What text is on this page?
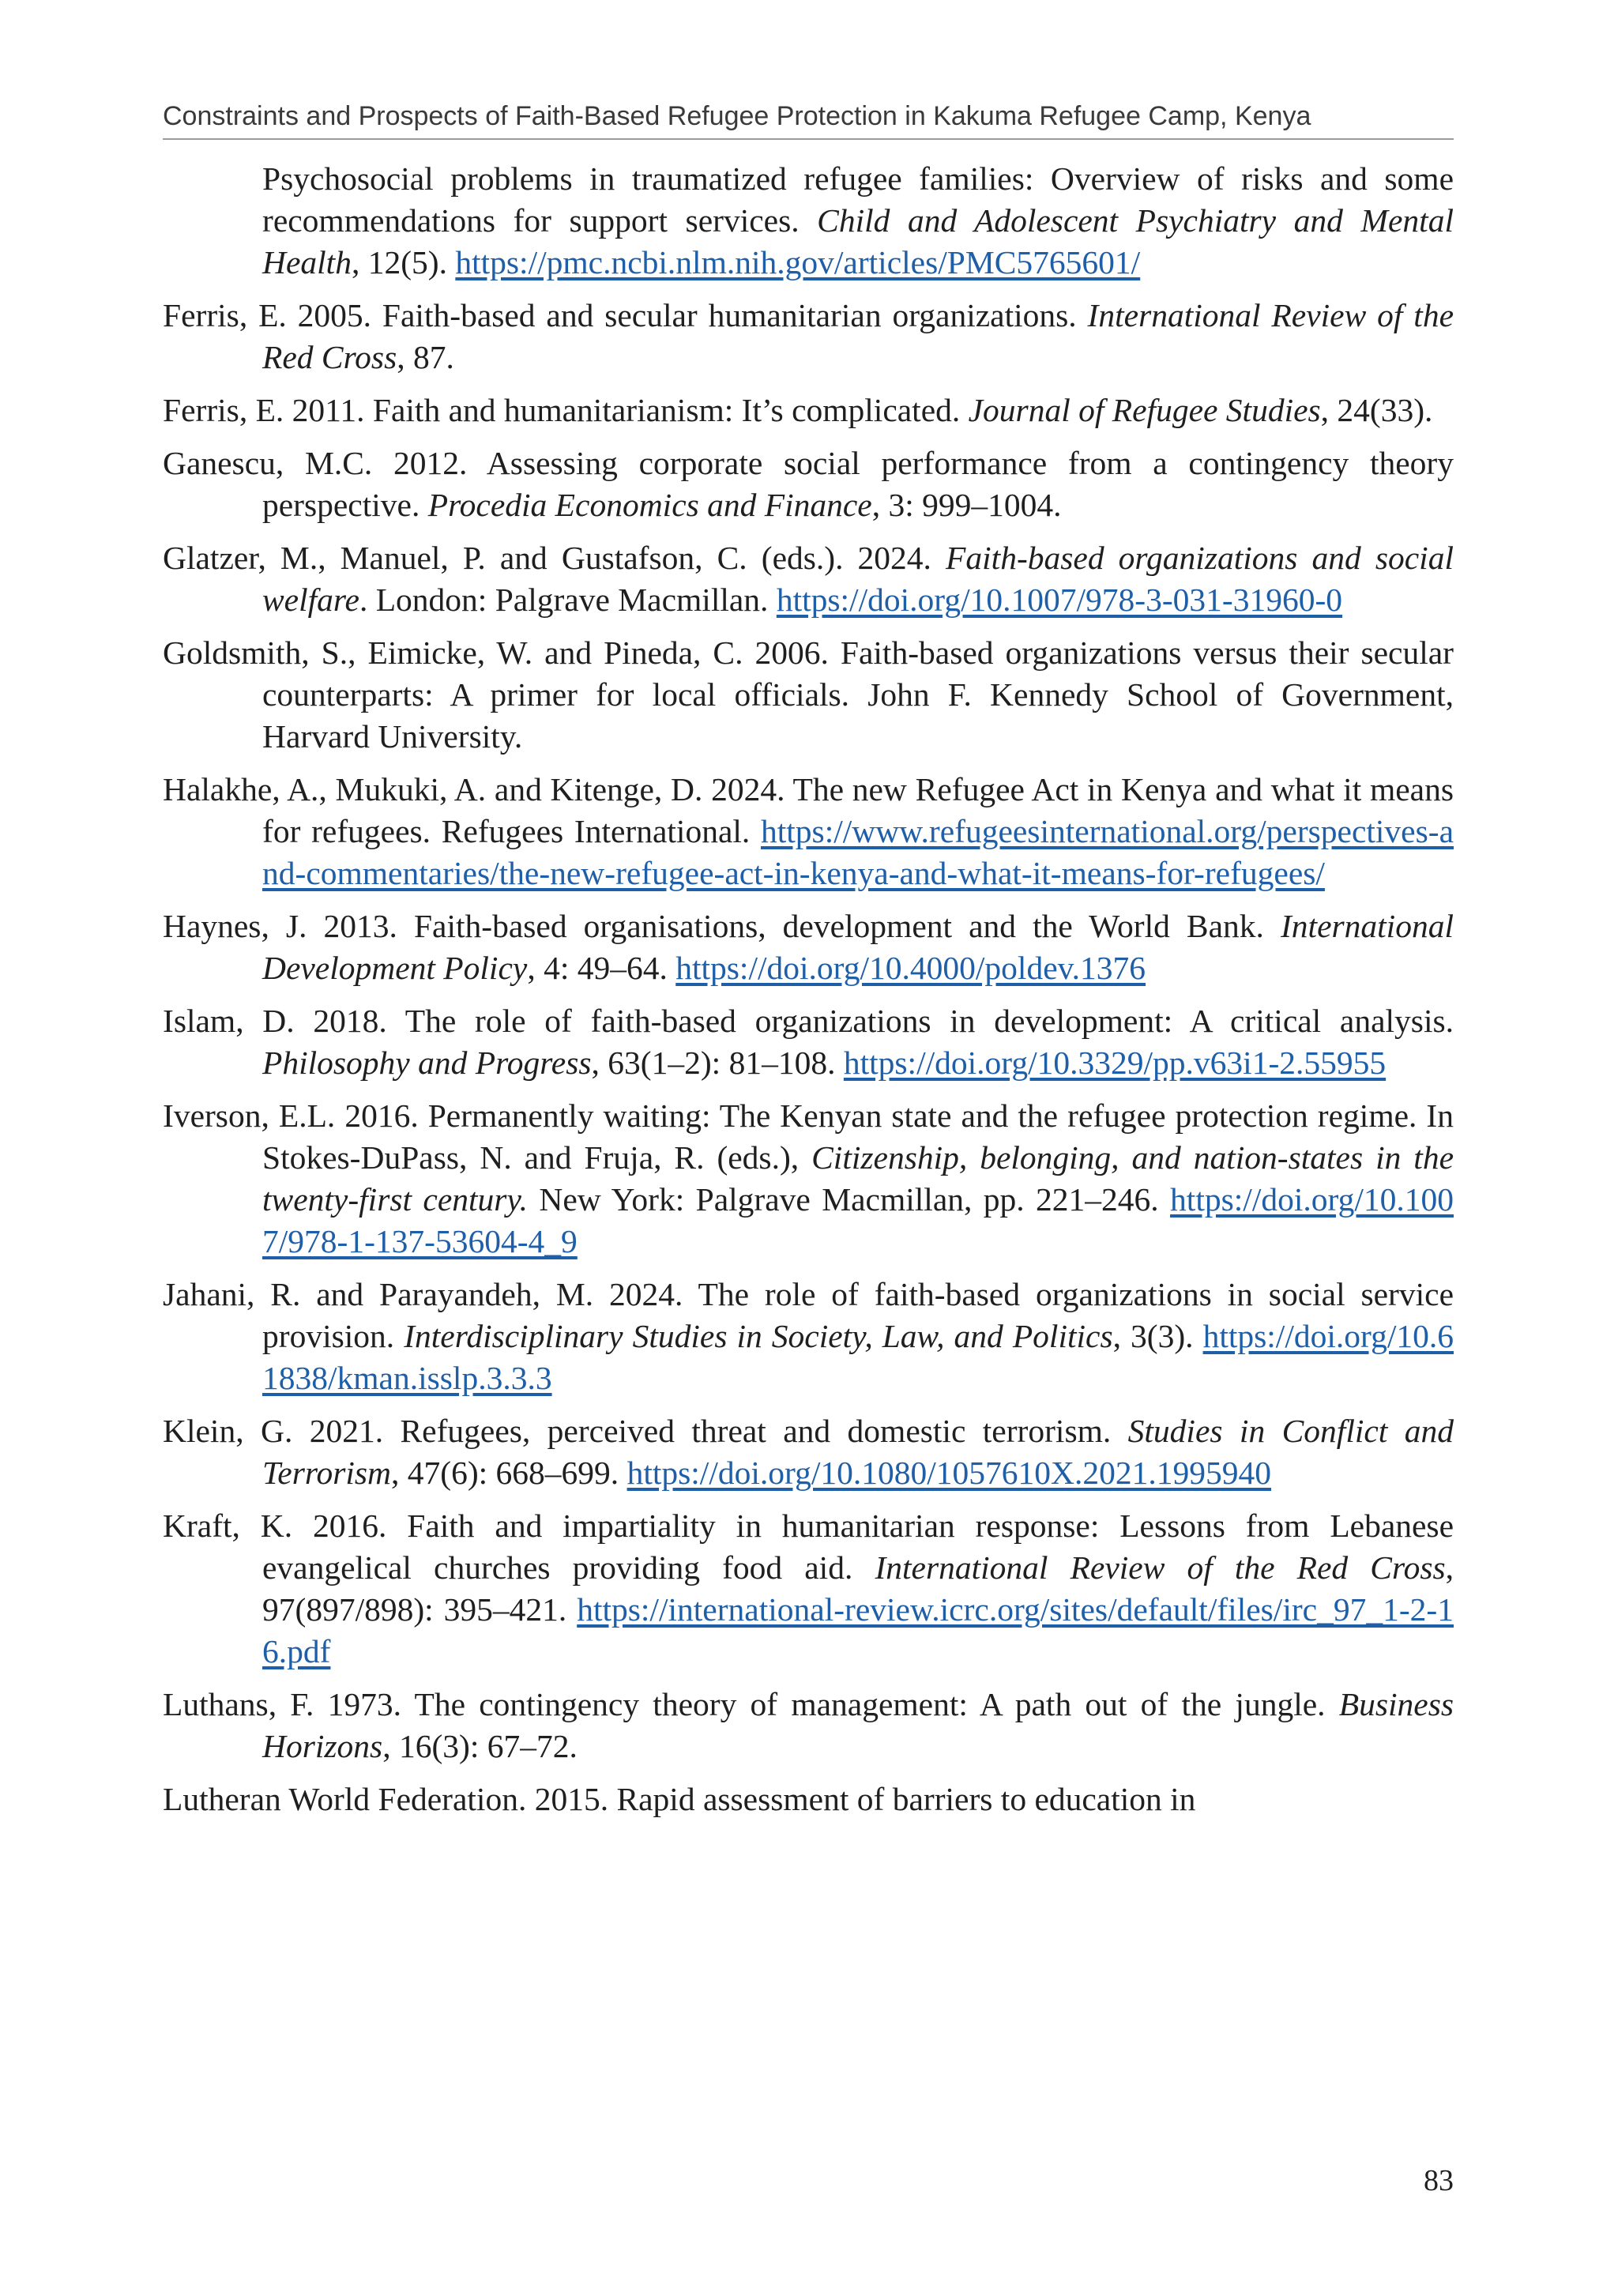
Constraints and Prospects of Faith-Based Refugee Protection in Kakuma Refugee Camp, Kenya

Psychosocial problems in traumatized refugee families: Overview of risks and some recommendations for support services. Child and Adolescent Psychiatry and Mental Health, 12(5). https://pmc.ncbi.nlm.nih.gov/articles/PMC5765601/

Ferris, E. 2005. Faith-based and secular humanitarian organizations. International Review of the Red Cross, 87.

Ferris, E. 2011. Faith and humanitarianism: It’s complicated. Journal of Refugee Studies, 24(33).

Ganescu, M.C. 2012. Assessing corporate social performance from a contingency theory perspective. Procedia Economics and Finance, 3: 999–1004.

Glatzer, M., Manuel, P. and Gustafson, C. (eds.). 2024. Faith-based organizations and social welfare. London: Palgrave Macmillan. https://doi.org/10.1007/978-3-031-31960-0

Goldsmith, S., Eimicke, W. and Pineda, C. 2006. Faith-based organizations versus their secular counterparts: A primer for local officials. John F. Kennedy School of Government, Harvard University.

Halakhe, A., Mukuki, A. and Kitenge, D. 2024. The new Refugee Act in Kenya and what it means for refugees. Refugees International. https://www.refugeesinternational.org/perspectives-and-commentaries/the-new-refugee-act-in-kenya-and-what-it-means-for-refugees/

Haynes, J. 2013. Faith-based organisations, development and the World Bank. International Development Policy, 4: 49–64. https://doi.org/10.4000/poldev.1376

Islam, D. 2018. The role of faith-based organizations in development: A critical analysis. Philosophy and Progress, 63(1–2): 81–108. https://doi.org/10.3329/pp.v63i1-2.55955

Iverson, E.L. 2016. Permanently waiting: The Kenyan state and the refugee protection regime. In Stokes-DuPass, N. and Fruja, R. (eds.), Citizenship, belonging, and nation-states in the twenty-first century. New York: Palgrave Macmillan, pp. 221–246. https://doi.org/10.1007/978-1-137-53604-4_9

Jahani, R. and Parayandeh, M. 2024. The role of faith-based organizations in social service provision. Interdisciplinary Studies in Society, Law, and Politics, 3(3). https://doi.org/10.61838/kman.isslp.3.3.3

Klein, G. 2021. Refugees, perceived threat and domestic terrorism. Studies in Conflict and Terrorism, 47(6): 668–699. https://doi.org/10.1080/1057610X.2021.1995940

Kraft, K. 2016. Faith and impartiality in humanitarian response: Lessons from Lebanese evangelical churches providing food aid. International Review of the Red Cross, 97(897/898): 395–421. https://international-review.icrc.org/sites/default/files/irc_97_1-2-16.pdf

Luthans, F. 1973. The contingency theory of management: A path out of the jungle. Business Horizons, 16(3): 67–72.

Lutheran World Federation. 2015. Rapid assessment of barriers to education in

83
